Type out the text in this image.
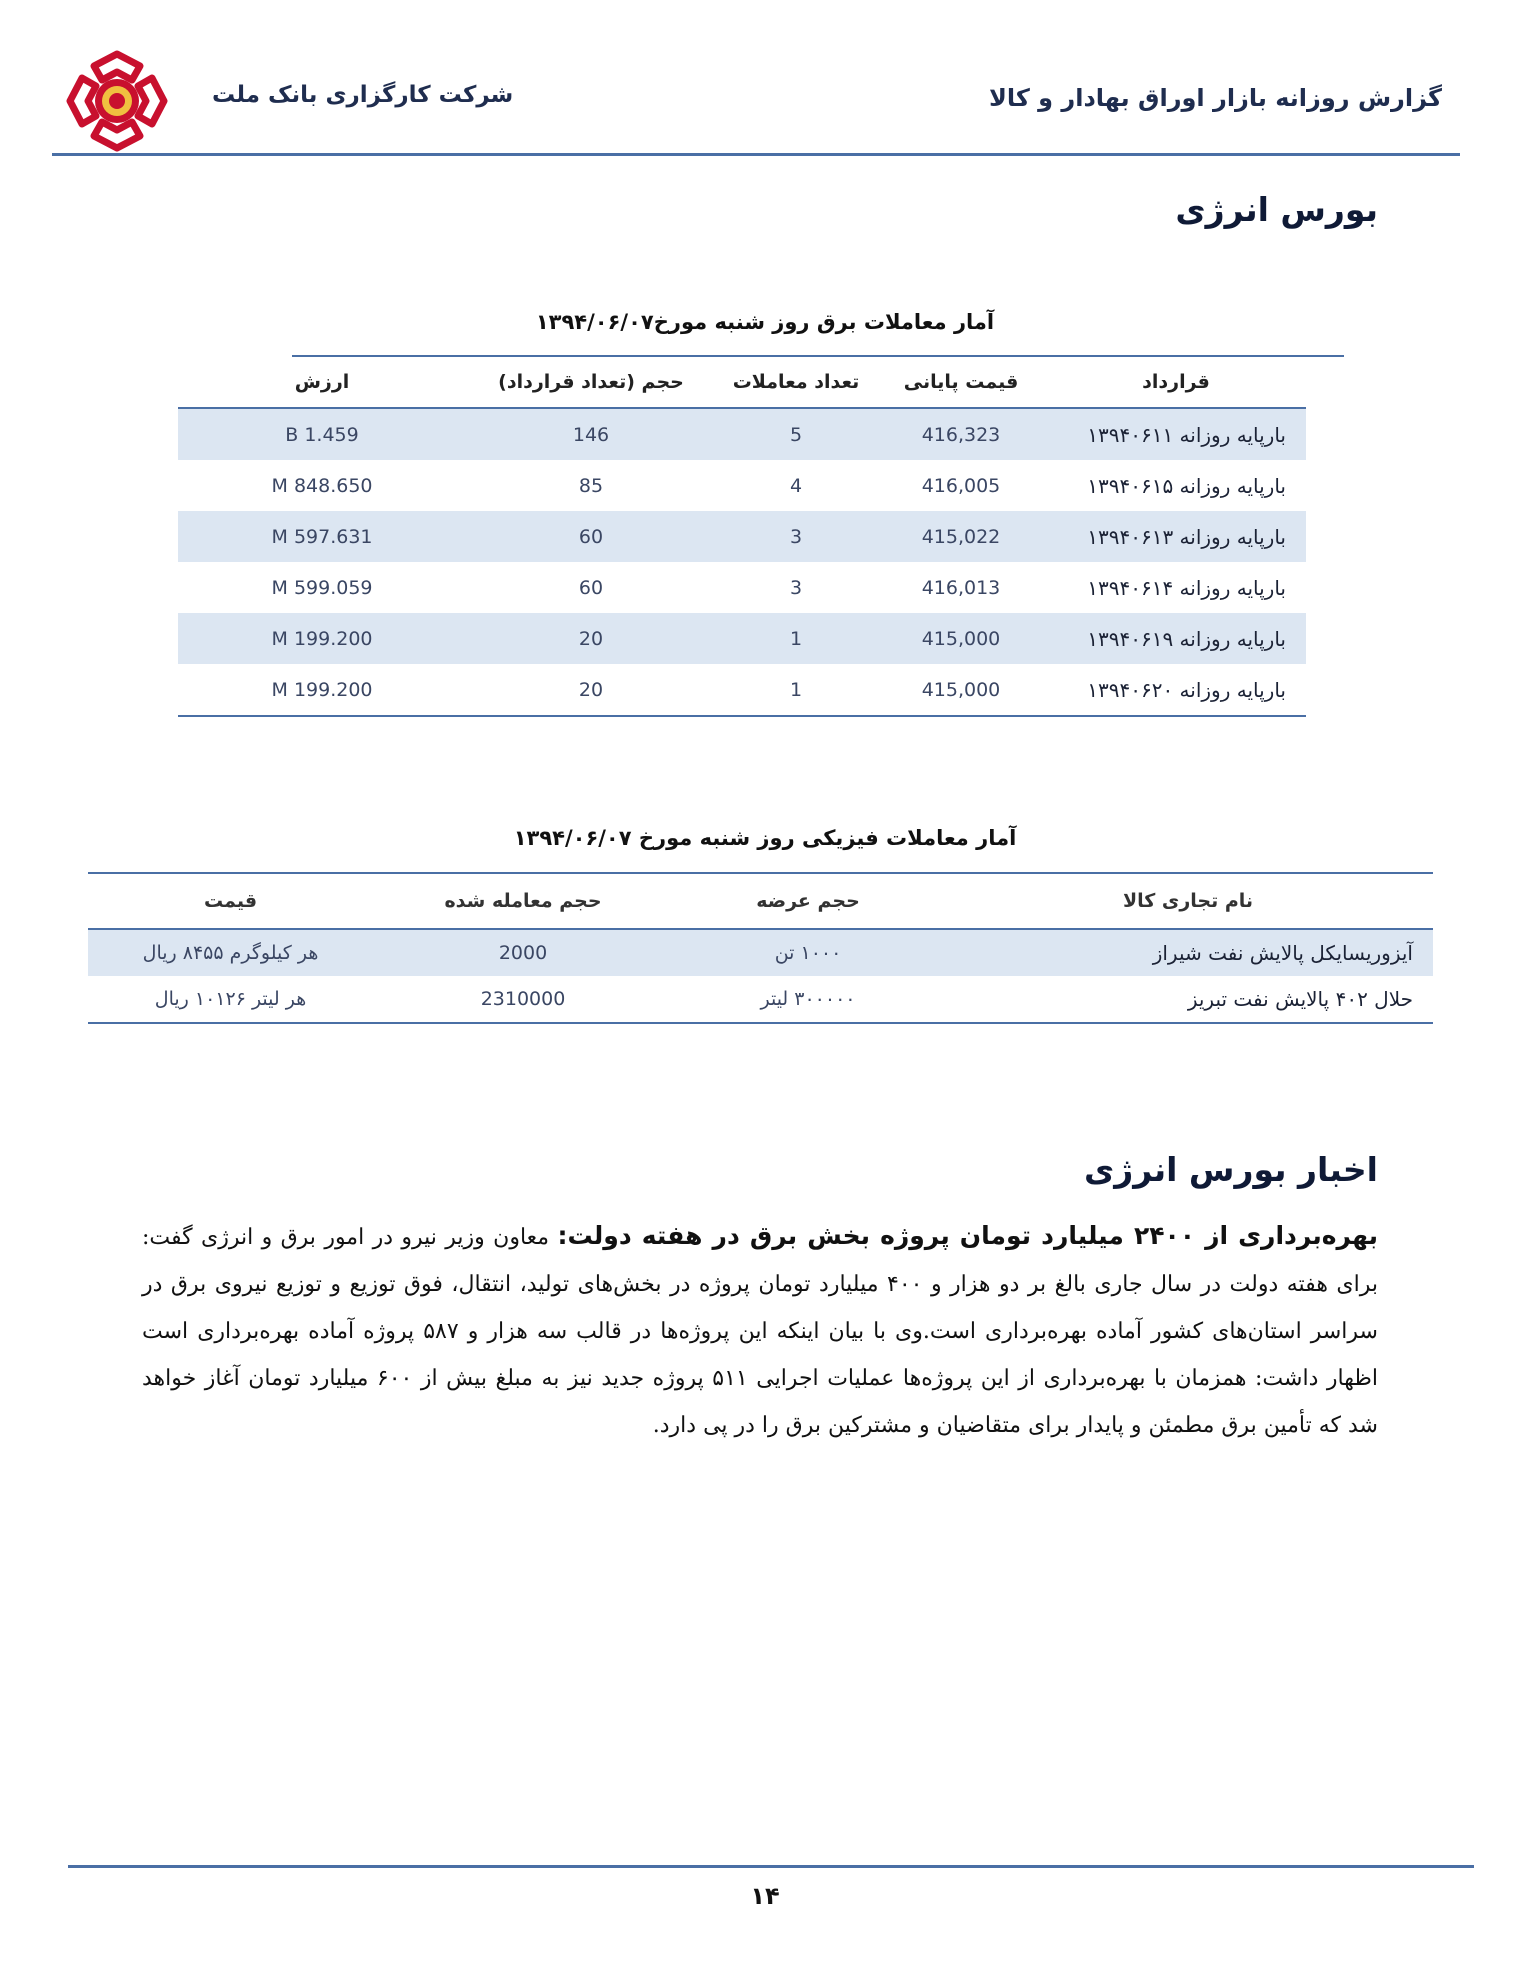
شرکت کارگزاری بانک ملت	گزارش روزانه بازار اوراق بهادار و کالا
بورس انرژی
آمار معاملات برق روز شنبه مورخ۱۳۹۴/۰۶/۰۷
قرارداد	قیمت پایانی	تعداد معاملات	حجم (تعداد قرارداد)	ارزش
بارپایه روزانه ۱۳۹۴۰۶۱۱	416,323	5	146	1.459 B
بارپایه روزانه ۱۳۹۴۰۶۱۵	416,005	4	85	848.650 M
بارپایه روزانه ۱۳۹۴۰۶۱۳	415,022	3	60	597.631 M
بارپایه روزانه ۱۳۹۴۰۶۱۴	416,013	3	60	599.059 M
بارپایه روزانه ۱۳۹۴۰۶۱۹	415,000	1	20	199.200 M
بارپایه روزانه ۱۳۹۴۰۶۲۰	415,000	1	20	199.200 M
آمار معاملات فیزیکی روز شنبه مورخ ۱۳۹۴/۰۶/۰۷
نام تجاری کالا	حجم عرضه	حجم معامله شده	قیمت
آیزوریسایکل پالایش نفت شیراز	۱۰۰۰ تن	2000	هر کیلوگرم ۸۴۵۵ ریال
حلال ۴۰۲ پالایش نفت تبریز	۳۰۰۰۰۰ لیتر	2310000	هر لیتر ۱۰۱۲۶ ریال
اخبار بورس انرژی
بهره‌برداری از ۲۴۰۰ میلیارد تومان پروژه بخش برق در هفته دولت: معاون وزیر نیرو در امور برق و انرژی گفت: برای هفته دولت در سال جاری بالغ بر دو هزار و ۴۰۰ میلیارد تومان پروژه در بخش‌های تولید، انتقال، فوق توزیع و توزیع نیروی برق در سراسر استان‌های کشور آماده بهره‌برداری است.وی با بیان اینکه این پروژه‌ها در قالب سه هزار و ۵۸۷ پروژه آماده بهره‌برداری است اظهار داشت: همزمان با بهره‌برداری از این پروژه‌ها عملیات اجرایی ۵۱۱ پروژه جدید نیز به مبلغ بیش از ۶۰۰ میلیارد تومان آغاز خواهد شد که تأمین برق مطمئن و پایدار برای متقاضیان و مشترکین برق را در پی دارد.
۱۴
